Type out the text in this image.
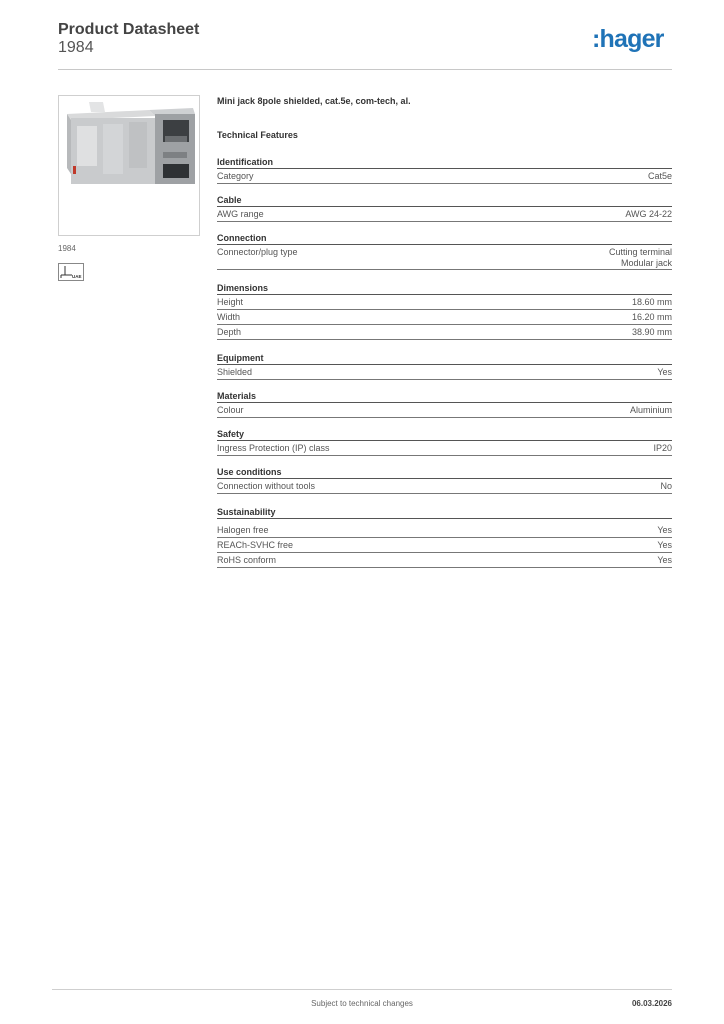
Product Datasheet
1984	:hager
1984
UAE
Mini jack 8pole shielded, cat.5e, com-tech, al.
Technical Features
Identification
Category	Cat5e
Cable
AWG range	AWG 24-22
Connection
Connector/plug type	Cutting terminal
Modular jack
Dimensions
Height	18.60 mm
Width	16.20 mm
Depth	38.90 mm
Equipment
Shielded	Yes
Materials
Colour	Aluminium
Safety
Ingress Protection (IP) class	IP20
Use conditions
Connection without tools	No
Sustainability
Halogen free	Yes
REACh-SVHC free	Yes
RoHS conform	Yes
Subject to technical changes	06.03.2026
